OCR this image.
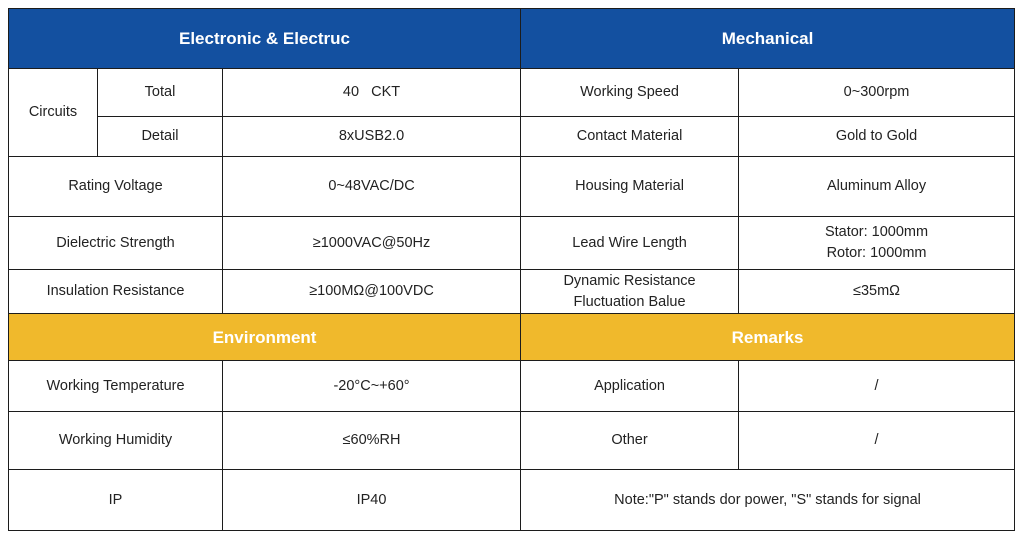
Electronic & Electruc			Mechanical	
Circuits	Total	40   CKT	Working Speed	0~300rpm
	Detail	8xUSB2.0	Contact Material	Gold to Gold
Rating Voltage		0~48VAC/DC	Housing Material	Aluminum Alloy
Dielectric Strength		≥1000VAC@50Hz	Lead Wire Length	Stator: 1000mm
Rotor: 1000mm

Insulation Resistance		≥100MΩ@100VDC	Dynamic Resistance
Fluctuation Balue	≤35mΩ
Environment			Remarks	
Working Temperature		-20°C~+60°	Application	/
Working Humidity		≤60%RH	Other	/
IP		IP40	Note:"P" stands dor power, "S" stands for signal	
